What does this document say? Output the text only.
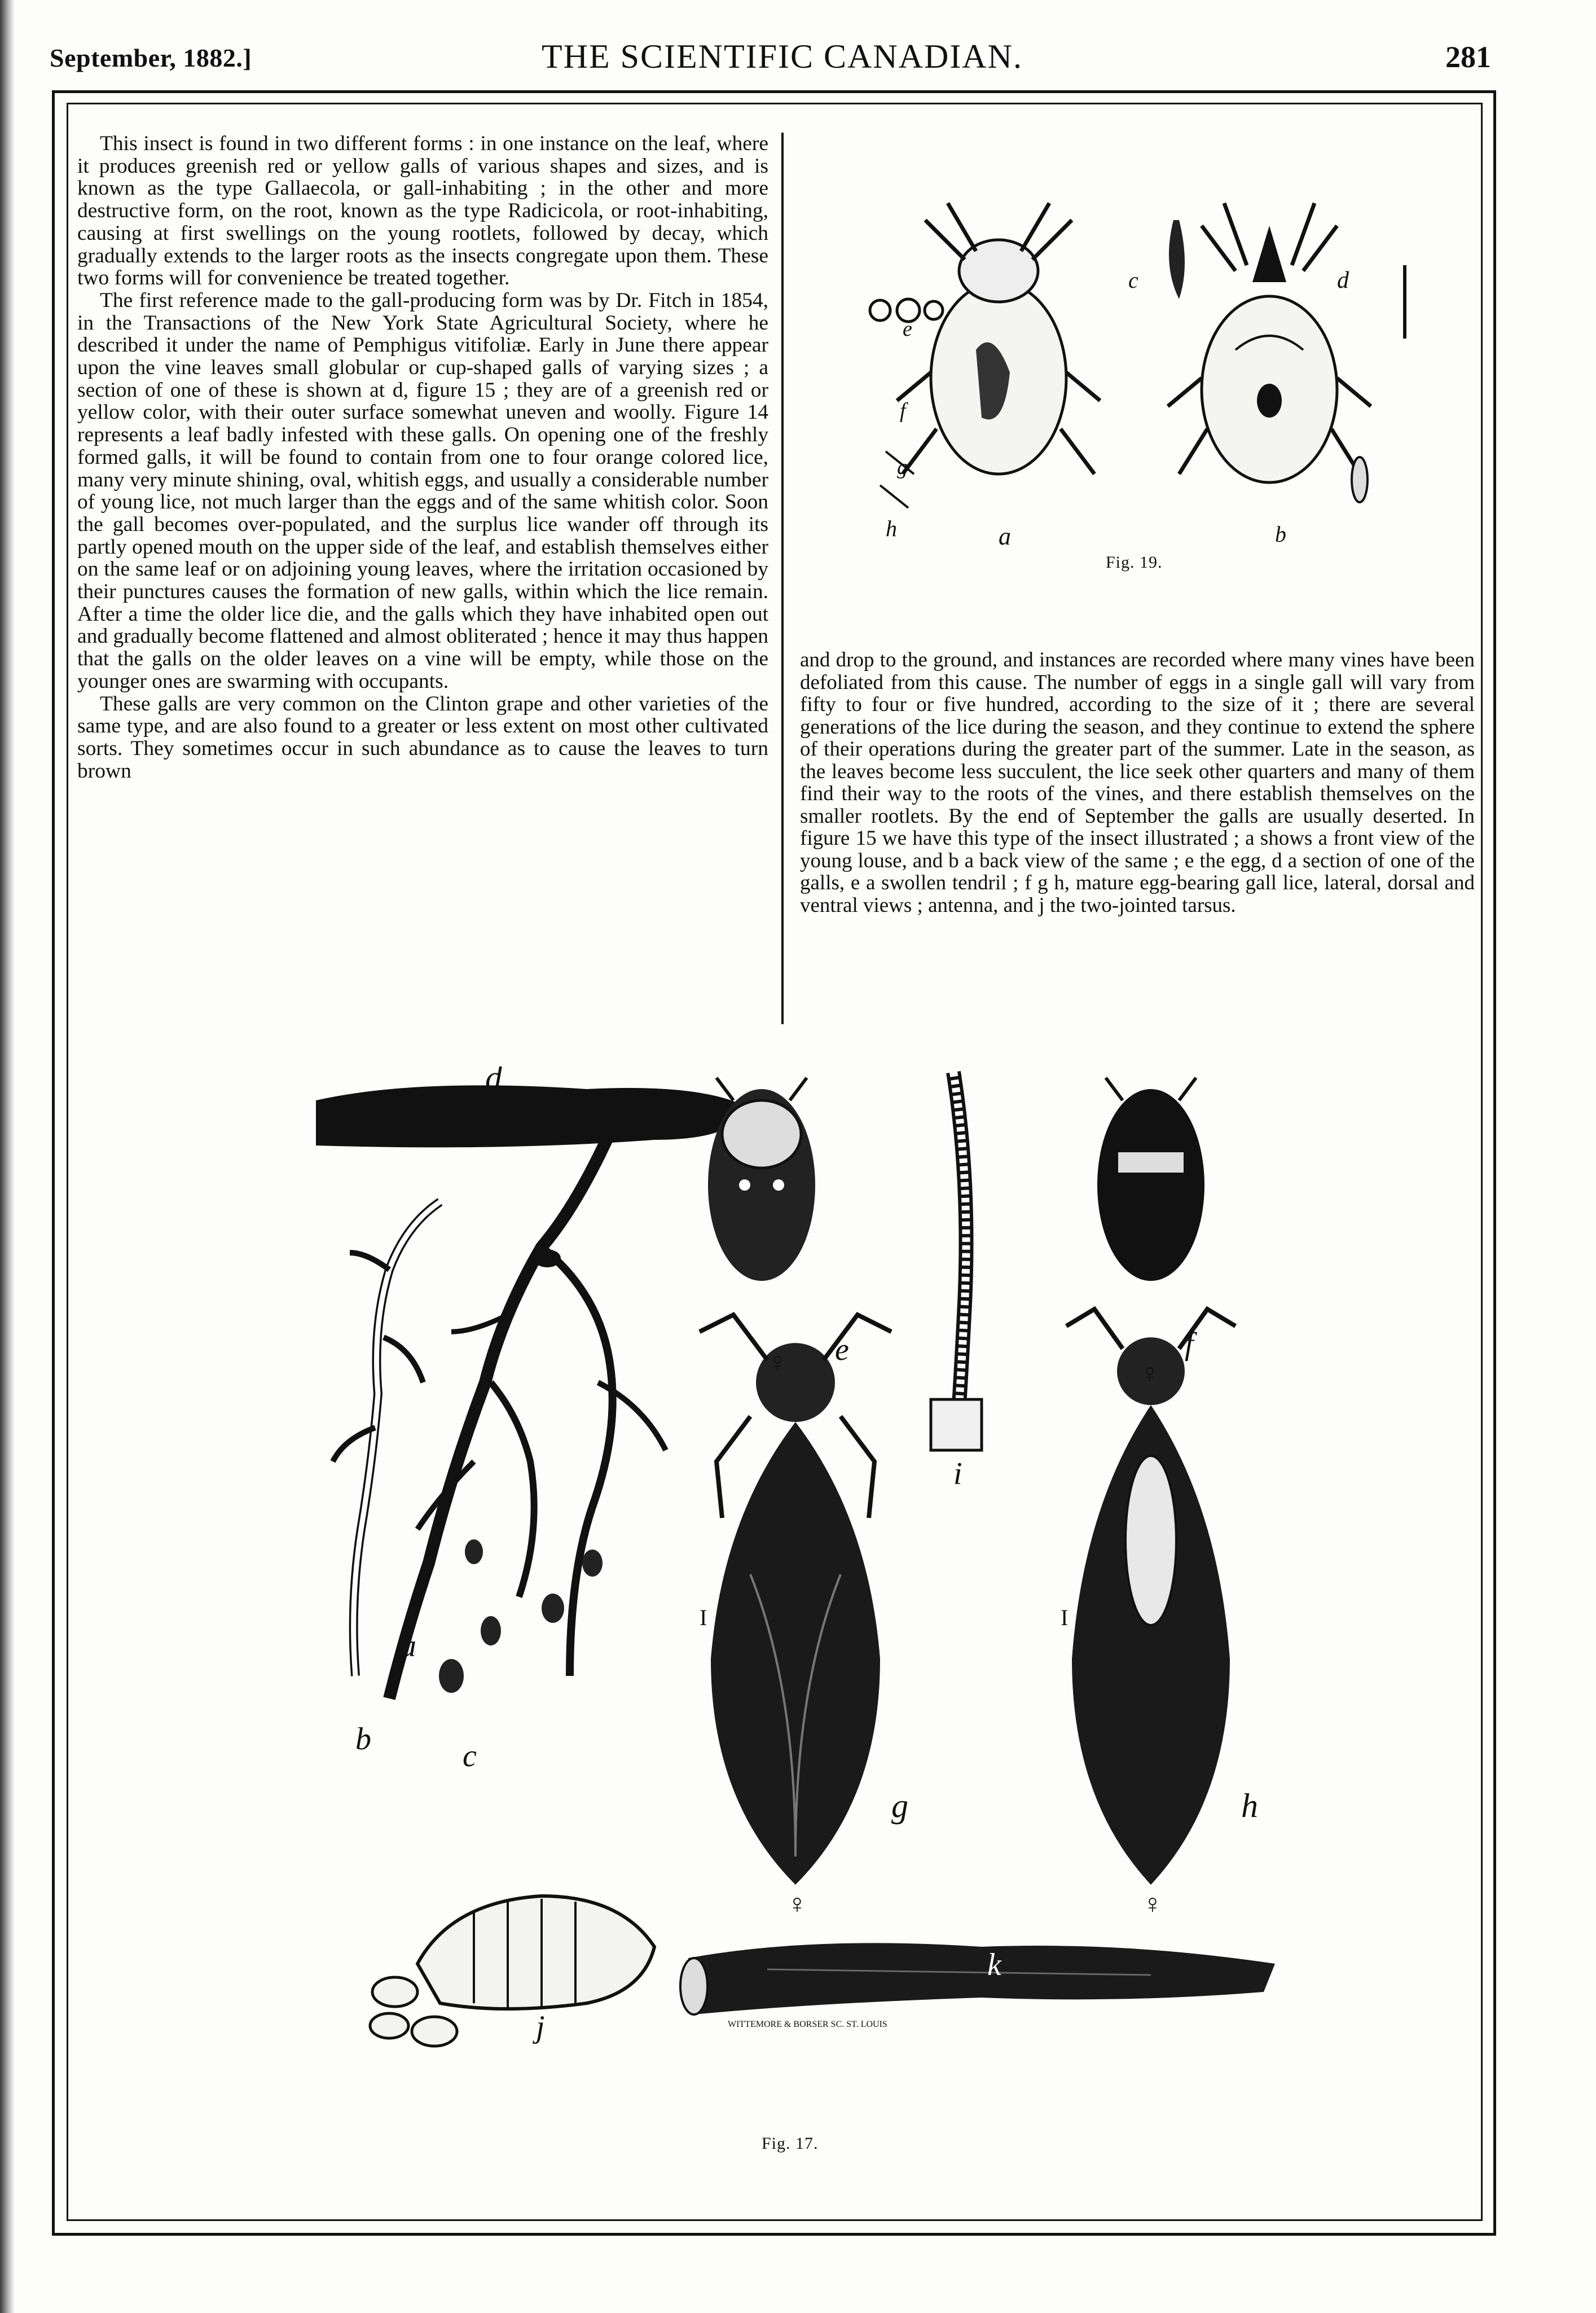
September, 1882.]	THE SCIENTIFIC CANADIAN.	281

This insect is found in two different forms : in one instance on the leaf, where it produces greenish red or yellow galls of various shapes and sizes, and is known as the type Gallaecola, or gall-inhabiting ; in the other and more destructive form, on the root, known as the type Radicicola, or root-inhabiting, causing at first swellings on the young rootlets, followed by decay, which gradually extends to the larger roots as the insects congregate upon them. These two forms will for convenience be treated together.

The first reference made to the gall-producing form was by Dr. Fitch in 1854, in the Transactions of the New York State Agricultural Society, where he described it under the name of Pemphigus vitifoliæ. Early in June there appear upon the vine leaves small globular or cup-shaped galls of varying sizes ; a section of one of these is shown at d, figure 15 ; they are of a greenish red or yellow color, with their outer surface somewhat uneven and woolly. Figure 14 represents a leaf badly infested with these galls. On opening one of the freshly formed galls, it will be found to contain from one to four orange colored lice, many very minute shining, oval, whitish eggs, and usually a considerable number of young lice, not much larger than the eggs and of the same whitish color. Soon the gall becomes over-populated, and the surplus lice wander off through its partly opened mouth on the upper side of the leaf, and establish themselves either on the same leaf or on adjoining young leaves, where the irritation occasioned by their punctures causes the formation of new galls, within which the lice remain. After a time the older lice die, and the galls which they have inhabited open out and gradually become flattened and almost obliterated ; hence it may thus happen that the galls on the older leaves on a vine will be empty, while those on the younger ones are swarming with occupants.

These galls are very common on the Clinton grape and other varieties of the same type, and are also found to a greater or less extent on most other cultivated sorts. They sometimes occur in such abundance as to cause the leaves to turn brown

a	b
c	d
e
f
g
h
Fig. 19.

and drop to the ground, and instances are recorded where many vines have been defoliated from this cause. The number of eggs in a single gall will vary from fifty to four or five hundred, according to the size of it ; there are several generations of the lice during the season, and they continue to extend the sphere of their operations during the greater part of the summer. Late in the season, as the leaves become less succulent, the lice seek other quarters and many of them find their way to the roots of the vines, and there establish themselves on the smaller rootlets. By the end of September the galls are usually deserted. In figure 15 we have this type of the insect illustrated ; a shows a front view of the young louse, and b a back view of the same ; e the egg, d a section of one of the galls, e a swollen tendril ; f g h, mature egg-bearing gall lice, lateral, dorsal and ventral views ; antenna, and j the two-jointed tarsus.

a
b	c
d
e	f
g	h
i
j
k
♀	♀
♀	♀
I	I
WITTEMORE & BORSER SC. ST. LOUIS
Fig. 17.
